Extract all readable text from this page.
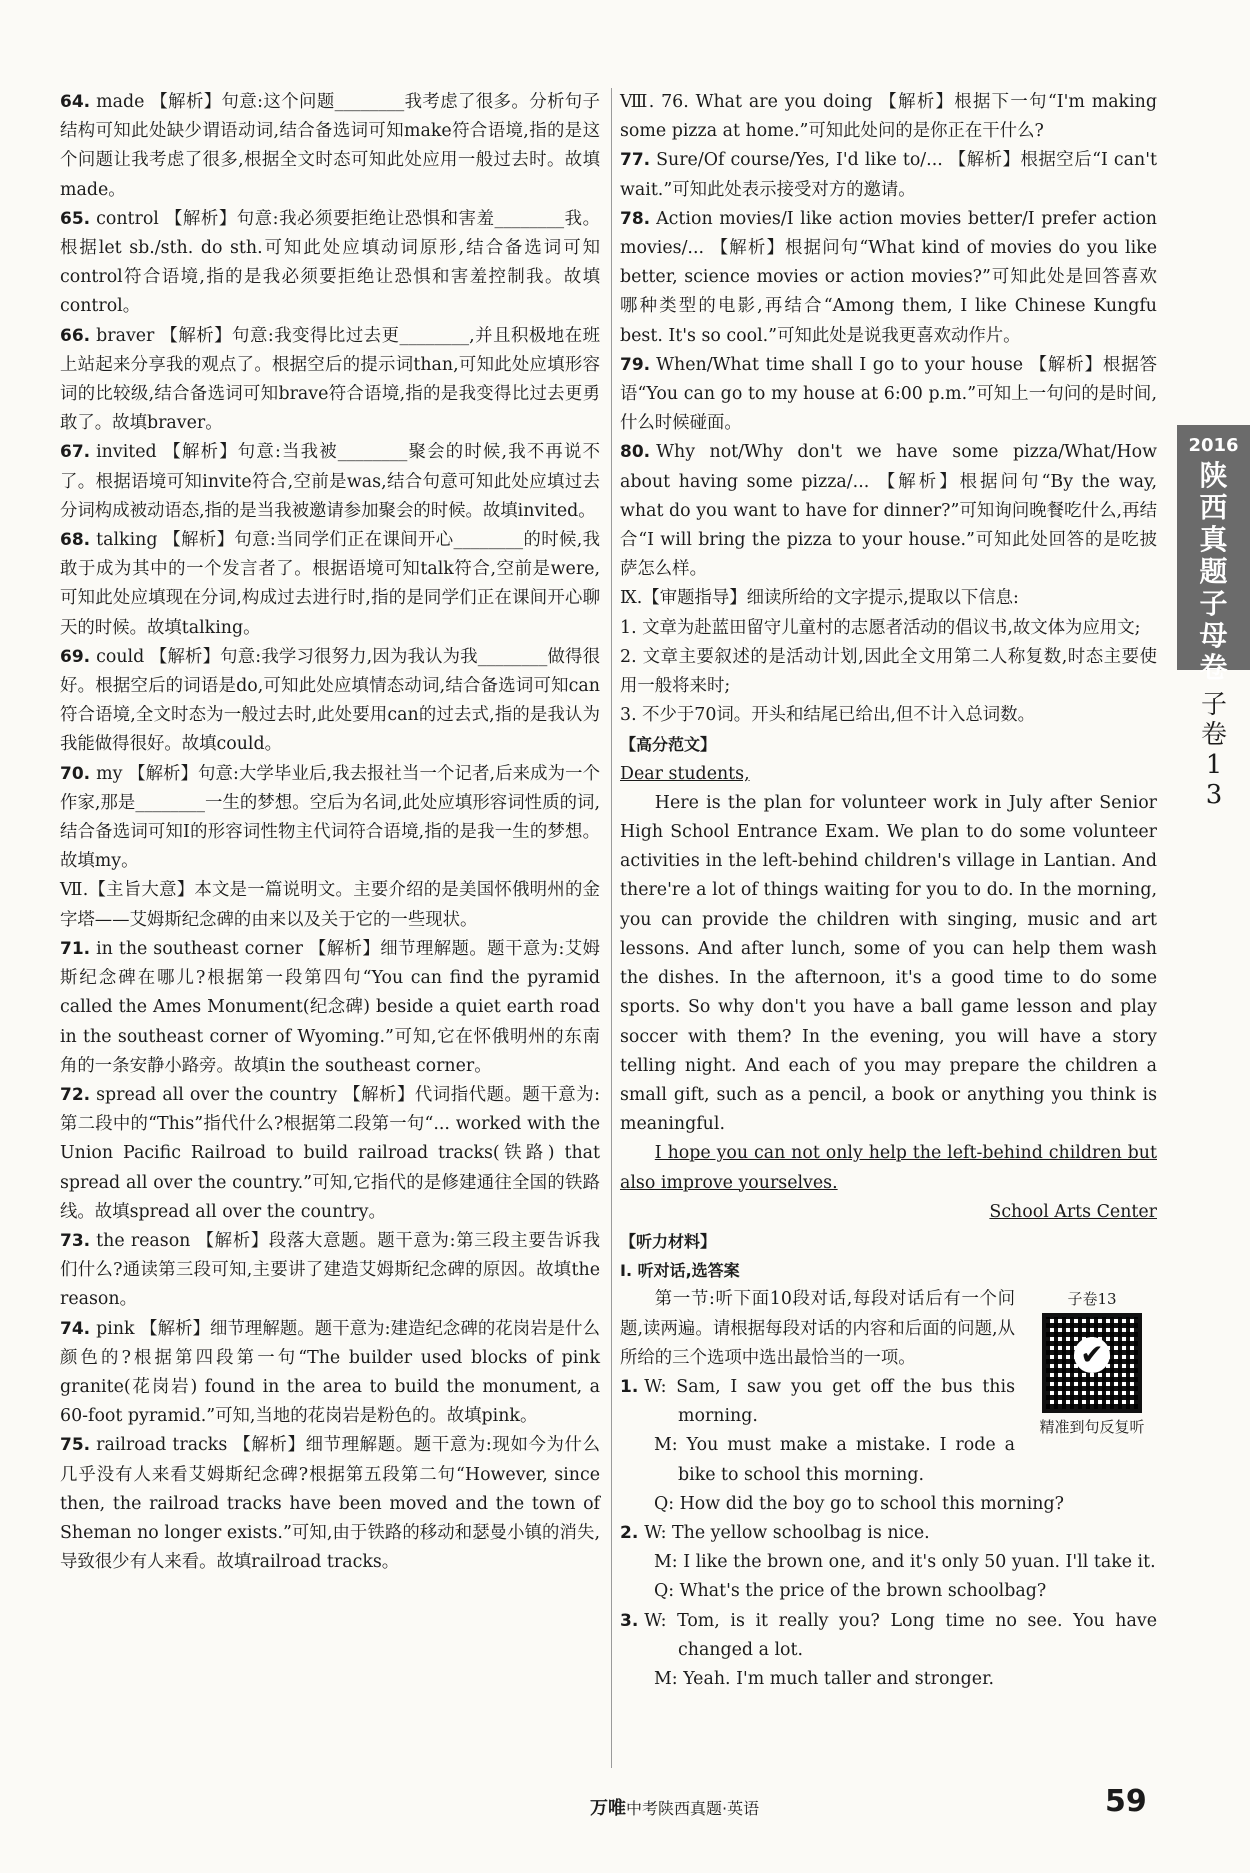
64. made 【解析】句意:这个问题________我考虑了很多。分析句子结构可知此处缺少谓语动词,结合备选词可知make符合语境,指的是这个问题让我考虑了很多,根据全文时态可知此处应用一般过去时。故填made。

65. control 【解析】句意:我必须要拒绝让恐惧和害羞________我。根据let sb./sth. do sth.可知此处应填动词原形,结合备选词可知control符合语境,指的是我必须要拒绝让恐惧和害羞控制我。故填control。

66. braver 【解析】句意:我变得比过去更________,并且积极地在班上站起来分享我的观点了。根据空后的提示词than,可知此处应填形容词的比较级,结合备选词可知brave符合语境,指的是我变得比过去更勇敢了。故填braver。

67. invited 【解析】句意:当我被________聚会的时候,我不再说不了。根据语境可知invite符合,空前是was,结合句意可知此处应填过去分词构成被动语态,指的是当我被邀请参加聚会的时候。故填invited。

68. talking 【解析】句意:当同学们正在课间开心________的时候,我敢于成为其中的一个发言者了。根据语境可知talk符合,空前是were,可知此处应填现在分词,构成过去进行时,指的是同学们正在课间开心聊天的时候。故填talking。

69. could 【解析】句意:我学习很努力,因为我认为我________做得很好。根据空后的词语是do,可知此处应填情态动词,结合备选词可知can符合语境,全文时态为一般过去时,此处要用can的过去式,指的是我认为我能做得很好。故填could。

70. my 【解析】句意:大学毕业后,我去报社当一个记者,后来成为一个作家,那是________一生的梦想。空后为名词,此处应填形容词性质的词,结合备选词可知I的形容词性物主代词符合语境,指的是我一生的梦想。故填my。

Ⅶ.【主旨大意】本文是一篇说明文。主要介绍的是美国怀俄明州的金字塔——艾姆斯纪念碑的由来以及关于它的一些现状。

71. in the southeast corner 【解析】细节理解题。题干意为:艾姆斯纪念碑在哪儿?根据第一段第四句“You can find the pyramid called the Ames Monument(纪念碑) beside a quiet earth road in the southeast corner of Wyoming.”可知,它在怀俄明州的东南角的一条安静小路旁。故填in the southeast corner。

72. spread all over the country 【解析】代词指代题。题干意为:第二段中的“This”指代什么?根据第二段第一句“... worked with the Union Pacific Railroad to build railroad tracks(铁路) that spread all over the country.”可知,它指代的是修建通往全国的铁路线。故填spread all over the country。

73. the reason 【解析】段落大意题。题干意为:第三段主要告诉我们什么?通读第三段可知,主要讲了建造艾姆斯纪念碑的原因。故填the reason。

74. pink 【解析】细节理解题。题干意为:建造纪念碑的花岗岩是什么颜色的?根据第四段第一句“The builder used blocks of pink granite(花岗岩) found in the area to build the monument, a 60-foot pyramid.”可知,当地的花岗岩是粉色的。故填pink。

75. railroad tracks 【解析】细节理解题。题干意为:现如今为什么几乎没有人来看艾姆斯纪念碑?根据第五段第二句“However, since then, the railroad tracks have been moved and the town of Sheman no longer exists.”可知,由于铁路的移动和瑟曼小镇的消失,导致很少有人来看。故填railroad tracks。

Ⅷ. 76. What are you doing 【解析】根据下一句“I'm making some pizza at home.”可知此处问的是你正在干什么?

77. Sure/Of course/Yes, I'd like to/... 【解析】根据空后“I can't wait.”可知此处表示接受对方的邀请。

78. Action movies/I like action movies better/I prefer action movies/... 【解析】根据问句“What kind of movies do you like better, science movies or action movies?”可知此处是回答喜欢哪种类型的电影,再结合“Among them, I like Chinese Kungfu best. It's so cool.”可知此处是说我更喜欢动作片。

79. When/What time shall I go to your house 【解析】根据答语“You can go to my house at 6:00 p.m.”可知上一句问的是时间,什么时候碰面。

80. Why not/Why don't we have some pizza/What/How about having some pizza/... 【解析】根据问句“By the way, what do you want to have for dinner?”可知询问晚餐吃什么,再结合“I will bring the pizza to your house.”可知此处回答的是吃披萨怎么样。

Ⅸ.【审题指导】细读所给的文字提示,提取以下信息:

1. 文章为赴蓝田留守儿童村的志愿者活动的倡议书,故文体为应用文;

2. 文章主要叙述的是活动计划,因此全文用第二人称复数,时态主要使用一般将来时;

3. 不少于70词。开头和结尾已给出,但不计入总词数。

【高分范文】

Dear students,

Here is the plan for volunteer work in July after Senior High School Entrance Exam. We plan to do some volunteer activities in the left-behind children's village in Lantian. And there're a lot of things waiting for you to do. In the morning, you can provide the children with singing, music and art lessons. And after lunch, some of you can help them wash the dishes. In the afternoon, it's a good time to do some sports. So why don't you have a ball game lesson and play soccer with them? In the evening, you will have a story telling night. And each of you may prepare the children a small gift, such as a pencil, a book or anything you think is meaningful.

I hope you can not only help the left-behind children but also improve yourselves.

School Arts Center

【听力材料】

Ⅰ. 听对话,选答案

子卷13
✔
精准到句反复听

第一节:听下面10段对话,每段对话后有一个问题,读两遍。请根据每段对话的内容和后面的问题,从所给的三个选项中选出最恰当的一项。

1. W: Sam, I saw you get off the bus this morning.

M: You must make a mistake. I rode a bike to school this morning.

Q: How did the boy go to school this morning?

2. W: The yellow schoolbag is nice.

M: I like the brown one, and it's only 50 yuan. I'll take it.

Q: What's the price of the brown schoolbag?

3. W: Tom, is it really you? Long time no see. You have changed a lot.

M: Yeah. I'm much taller and stronger.

2016
陕
西
真
题
子
母
卷
子
卷
1
3
万唯中考陕西真题·英语	59
